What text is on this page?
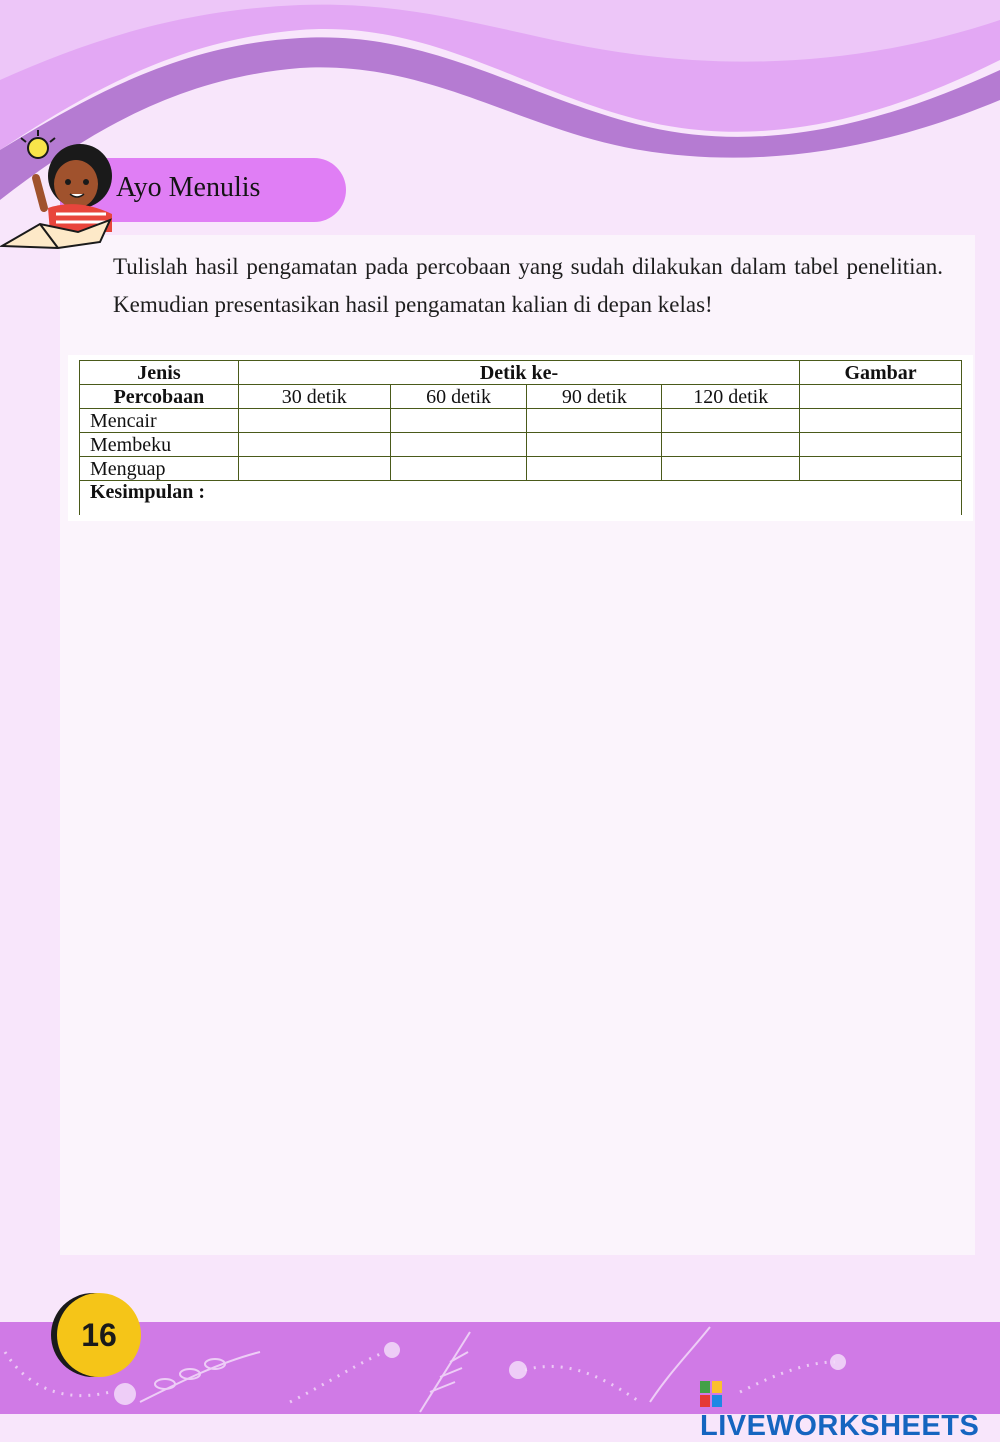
Ayo Menulis

Tulislah hasil pengamatan pada percobaan yang sudah dilakukan dalam tabel penelitian. Kemudian presentasikan hasil pengamatan kalian di depan kelas!

Jenis	Detik ke-				Gambar
Percobaan	30 detik	60 detik	90 detik	120 detik	
Mencair					
Membeku					
Menguap					
Kesimpulan :					
16
LIVEWORKSHEETS
